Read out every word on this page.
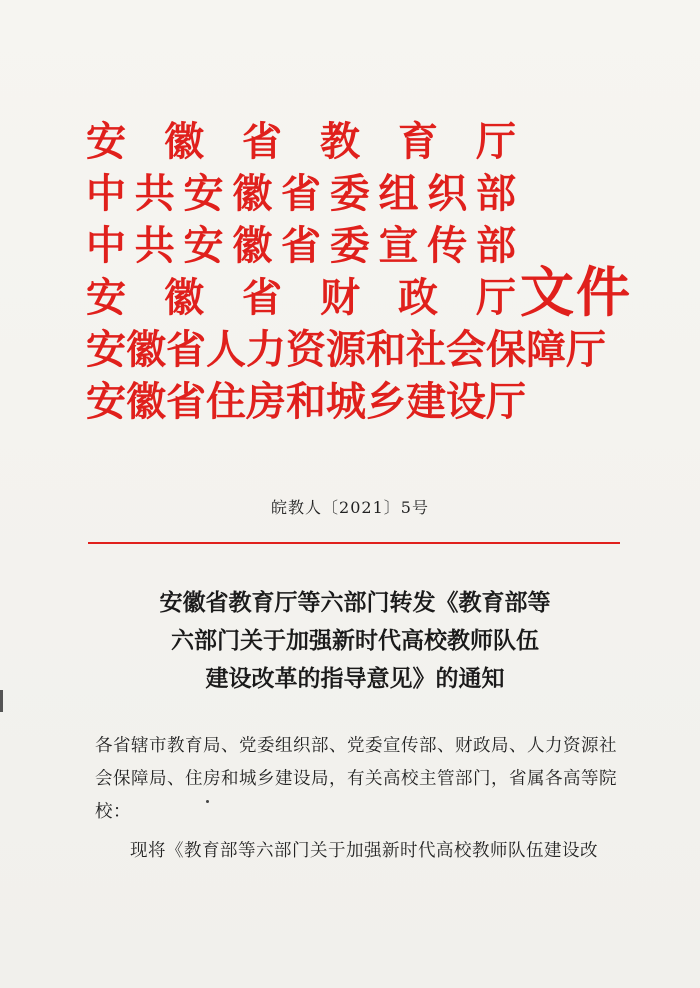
安 徽 省 教 育 厅
中 共 安 徽 省 委 组 织 部
中 共 安 徽 省 委 宣 传 部
安 徽 省 财 政 厅
安徽省人力资源和社会保障厅
安徽省住房和城乡建设厅
文件
皖教人〔2021〕5号
安徽省教育厅等六部门转发《教育部等
六部门关于加强新时代高校教师队伍
建设改革的指导意见》的通知

各省辖市教育局、党委组织部、党委宣传部、财政局、人力资源社会保障局、住房和城乡建设局，有关高校主管部门，省属各高等院校：

现将《教育部等六部门关于加强新时代高校教师队伍建设改
